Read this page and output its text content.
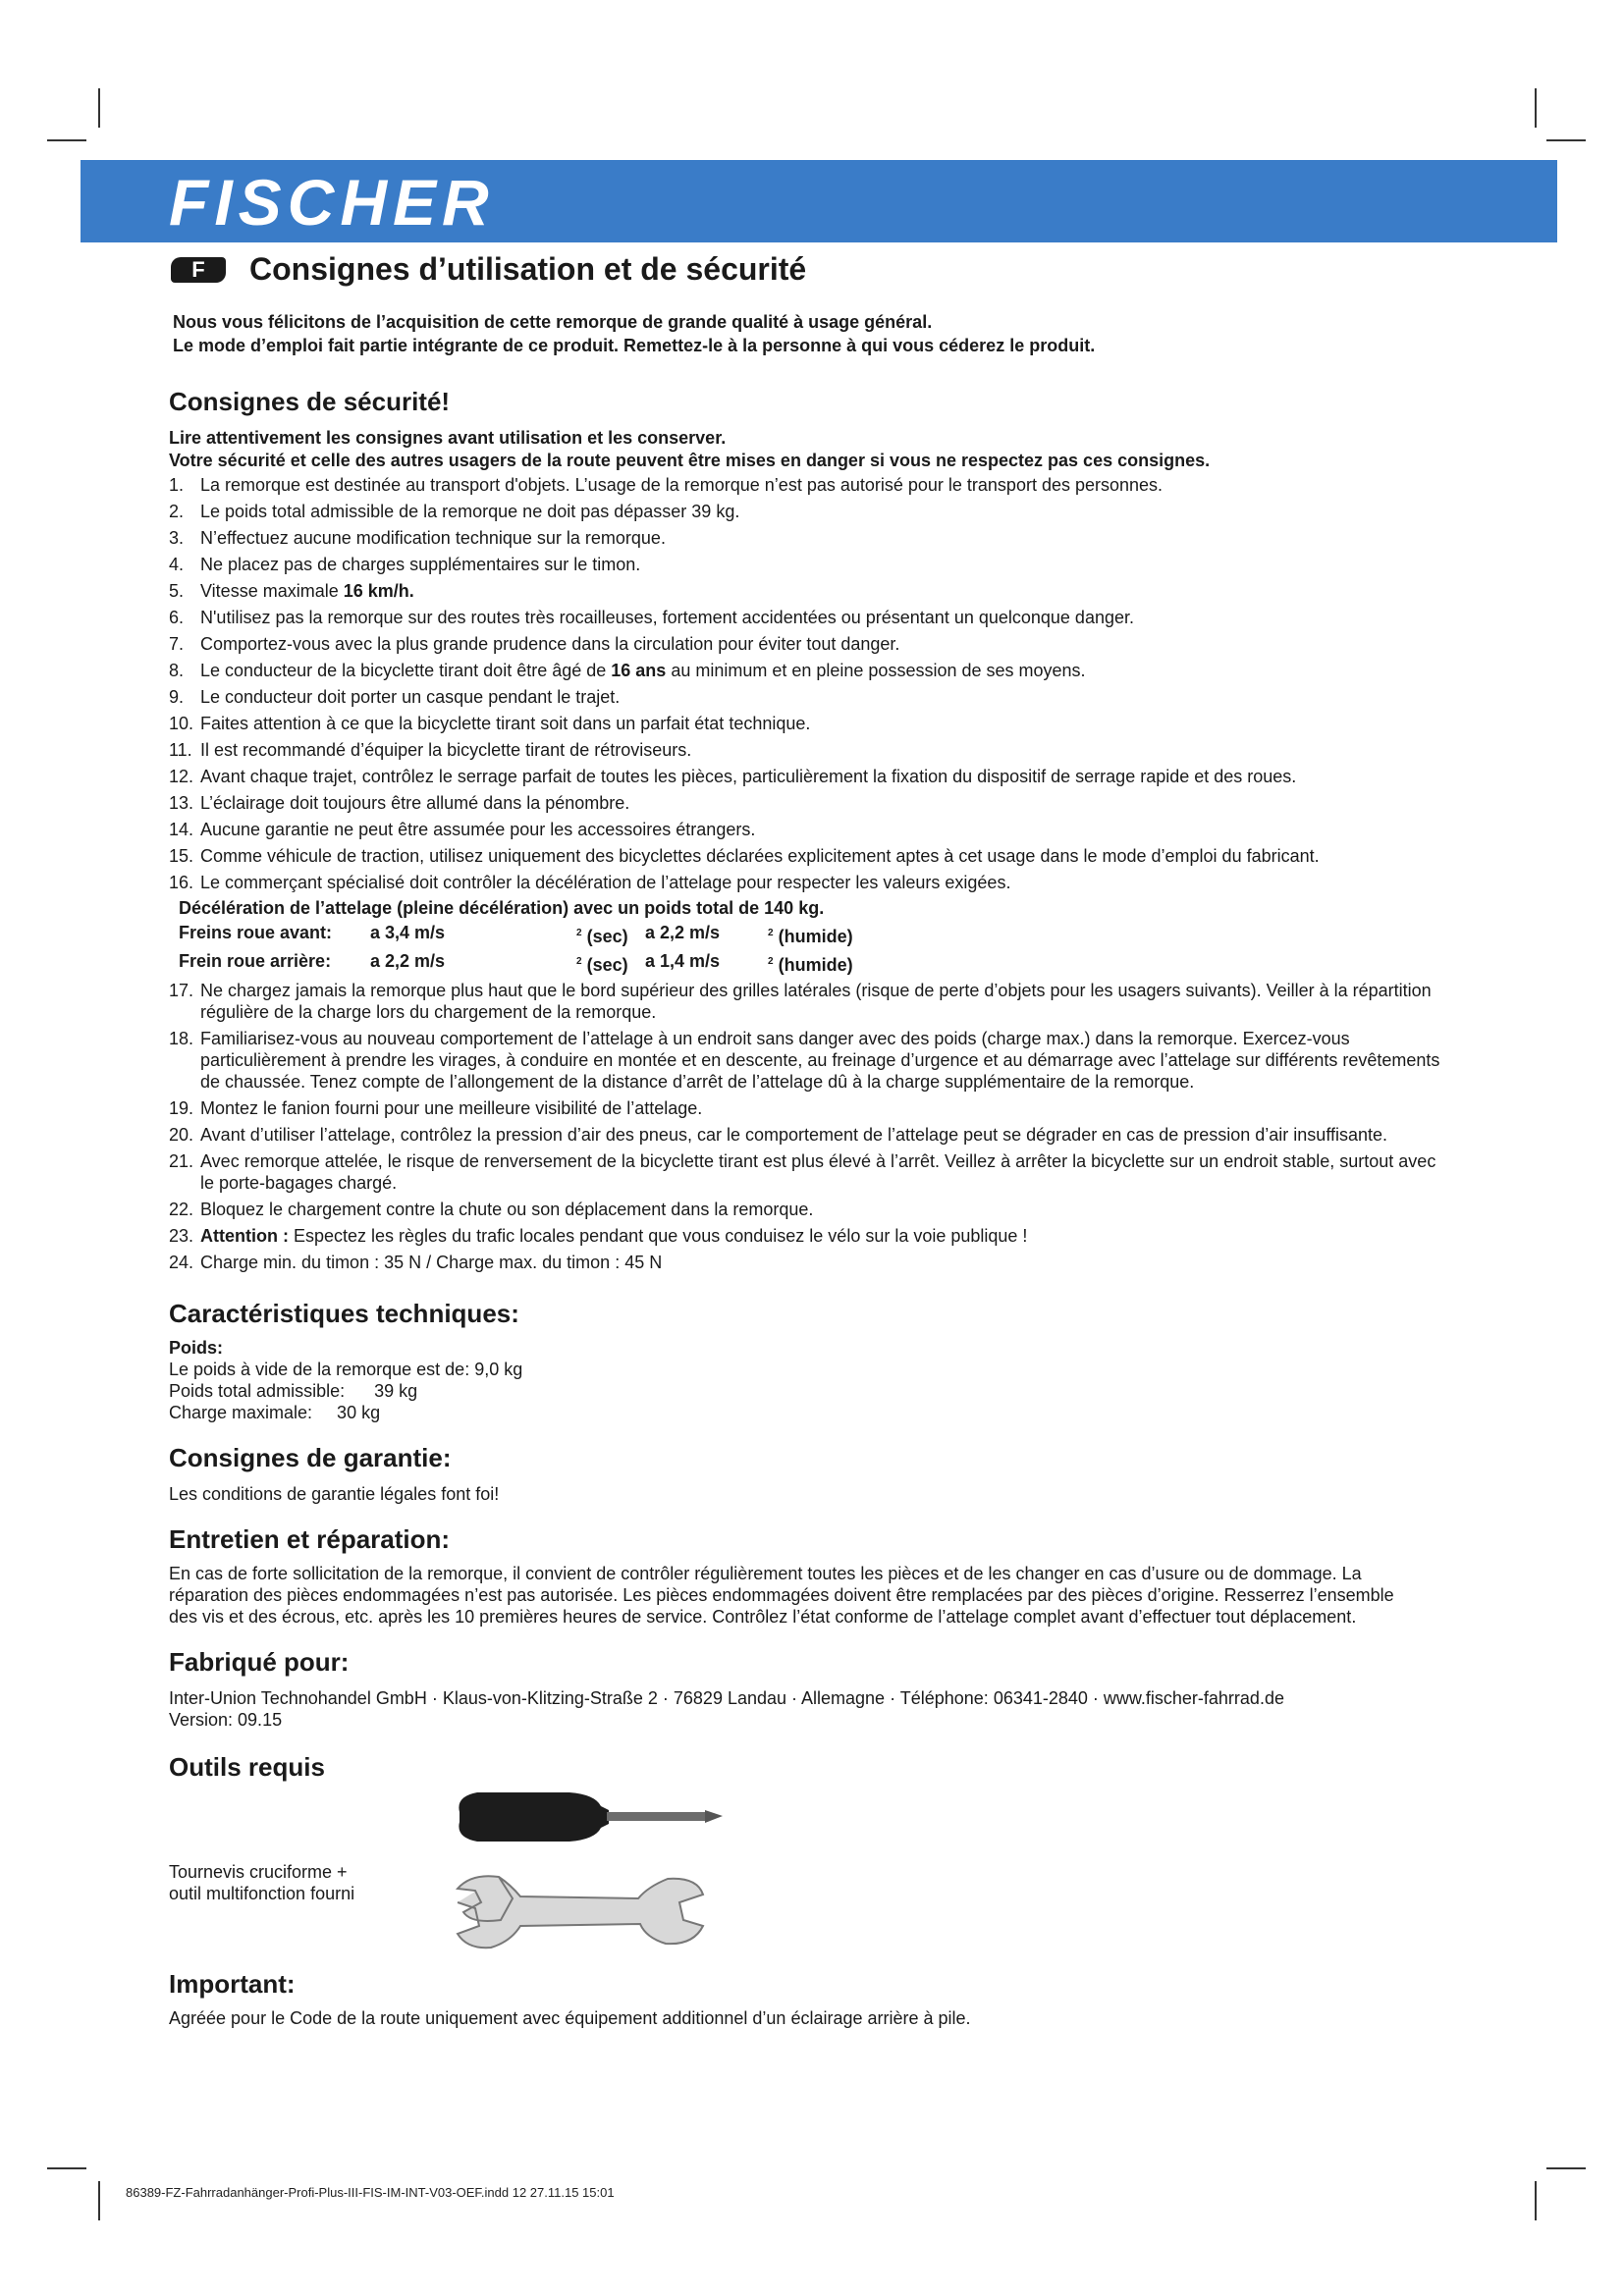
FISCHER
F	Consignes d’utilisation et de sécurité
Nous vous félicitons de l’acquisition de cette remorque de grande qualité à usage général.
Le mode d’emploi fait partie intégrante de ce produit. Remettez-le à la personne à qui vous céderez le produit.
Consignes de sécurité!
Lire attentivement les consignes avant utilisation et les conserver.
Votre sécurité et celle des autres usagers de la route peuvent être mises en danger si vous ne respectez pas ces consignes.
1. La remorque est destinée au transport d'objets. L’usage de la remorque n’est pas autorisé pour le transport des personnes.
2. Le poids total admissible de la remorque ne doit pas dépasser 39 kg.
3. N’effectuez aucune modification technique sur la remorque.
4. Ne placez pas de charges supplémentaires sur le timon.
5. Vitesse maximale 16 km/h.
6. N'utilisez pas la remorque sur des routes très rocailleuses, fortement accidentées ou présentant un quelconque danger.
7. Comportez-vous avec la plus grande prudence dans la circulation pour éviter tout danger.
8. Le conducteur de la bicyclette tirant doit être âgé de 16 ans au minimum et en pleine possession de ses moyens.
9. Le conducteur doit porter un casque pendant le trajet.
10. Faites attention à ce que la bicyclette tirant soit dans un parfait état technique.
11. Il est recommandé d’équiper la bicyclette tirant de rétroviseurs.
12. Avant chaque trajet, contrôlez le serrage parfait de toutes les pièces, particulièrement la fixation du dispositif de serrage rapide et des roues.
13. L’éclairage doit toujours être allumé dans la pénombre.
14. Aucune garantie ne peut être assumée pour les accessoires étrangers.
15. Comme véhicule de traction, utilisez uniquement des bicyclettes déclarées explicitement aptes à cet usage dans le mode d’emploi du fabricant.
16. Le commerçant spécialisé doit contrôler la décélération de l’attelage pour respecter les valeurs exigées.
Décélération de l’attelage (pleine décélération) avec un poids total de 140 kg.
Freins roue avant:	a 3,4 m/s	$^2$ (sec) a 2,2 m/s	$^2$ (humide)
Frein roue arrière:	a 2,2 m/s	$^2$ (sec) a 1,4 m/s	$^2$ (humide)
17. Ne chargez jamais la remorque plus haut que le bord supérieur des grilles latérales (risque de perte d’objets pour les usagers suivants). Veiller à la répartition régulière de la charge lors du chargement de la remorque.
18. Familiarisez-vous au nouveau comportement de l’attelage à un endroit sans danger avec des poids (charge max.) dans la remorque. Exercez-vous particulièrement à prendre les virages, à conduire en montée et en descente, au freinage d’urgence et au démarrage avec l’attelage sur différents revêtements de chaussée. Tenez compte de l’allongement de la distance d’arrêt de l’attelage dû à la charge supplémentaire de la remorque.
19. Montez le fanion fourni pour une meilleure visibilité de l’attelage.
20. Avant d’utiliser l’attelage, contrôlez la pression d’air des pneus, car le comportement de l’attelage peut se dégrader en cas de pression d’air insuffisante.
21. Avec remorque attelée, le risque de renversement de la bicyclette tirant est plus élevé à l’arrêt. Veillez à arrêter la bicyclette sur un endroit stable, surtout avec le porte-bagages chargé.
22. Bloquez le chargement contre la chute ou son déplacement dans la remorque.
23. Attention : Espectez les règles du trafic locales pendant que vous conduisez le vélo sur la voie publique !
24. Charge min. du timon : 35 N / Charge max. du timon : 45 N
Caractéristiques techniques:
Poids:
Le poids à vide de la remorque est de: 9,0 kg
Poids total admissible:      39 kg
Charge maximale:     30 kg
Consignes de garantie:
Les conditions de garantie légales font foi!
Entretien et réparation:
En cas de forte sollicitation de la remorque, il convient de contrôler régulièrement toutes les pièces et de les changer en cas d’usure ou de dommage. La réparation des pièces endommagées n’est pas autorisée. Les pièces endommagées doivent être remplacées par des pièces d’origine. Resserrez l’ensemble des vis et des écrous, etc. après les 10 premières heures de service. Contrôlez l’état conforme de l’attelage complet avant d’effectuer tout déplacement.
Fabriqué pour:
Inter-Union Technohandel GmbH · Klaus-von-Klitzing-Straße 2 · 76829 Landau · Allemagne · Téléphone: 06341-2840 · www.fischer-fahrrad.de
Version: 09.15
Outils requis
Tournevis cruciforme +
outil multifonction fourni
Important:
Agréée pour le Code de la route uniquement avec équipement additionnel d’un éclairage arrière à pile.
86389-FZ-Fahrradanhänger-Profi-Plus-III-FIS-IM-INT-V03-OEF.indd 12 27.11.15 15:01
